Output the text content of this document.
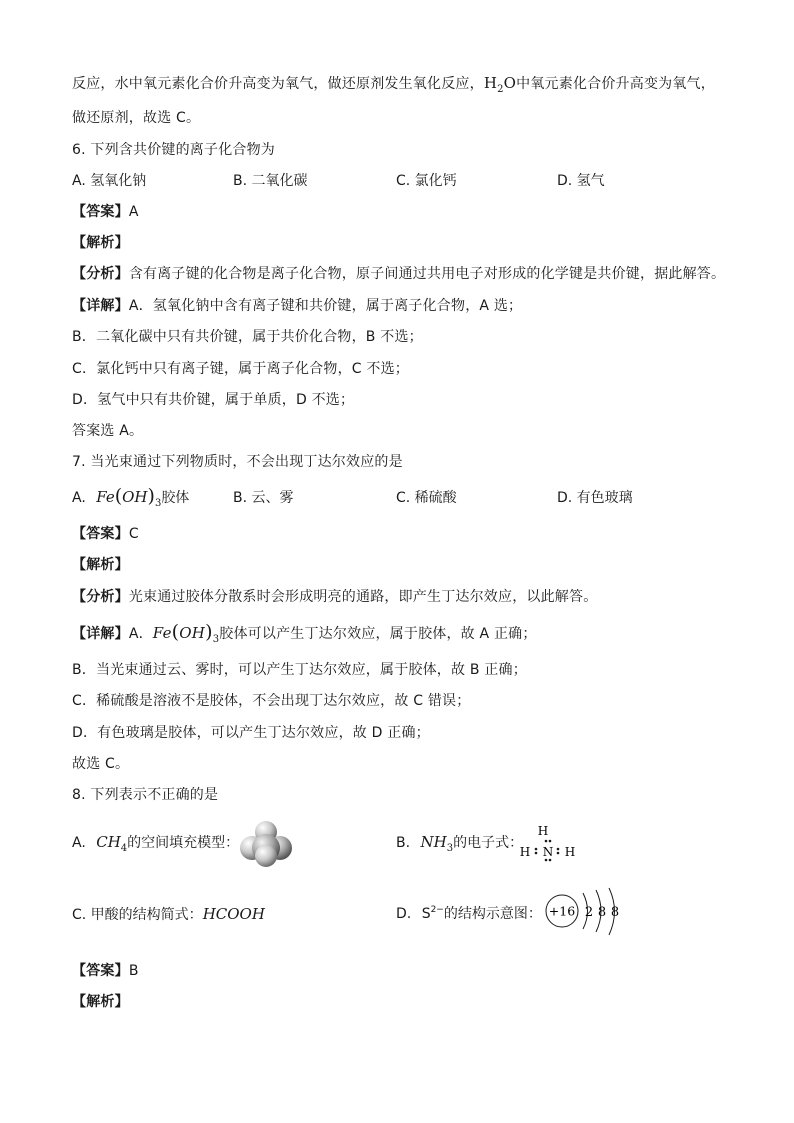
反应，水中氧元素化合价升高变为氧气，做还原剂发生氧化反应，$H_2O$中氧元素化合价升高变为氧气，
做还原剂，故选 C。
6. 下列含共价键的离子化合物为
A. 氢氧化钠	B. 二氧化碳	C. 氯化钙	D. 氢气
【答案】A
【解析】
【分析】含有离子键的化合物是离子化合物，原子间通过共用电子对形成的化学键是共价键，据此解答。
【详解】A．氢氧化钠中含有离子键和共价键，属于离子化合物，A 选；
B．二氧化碳中只有共价键，属于共价化合物，B 不选；
C．氯化钙中只有离子键，属于离子化合物，C 不选；
D．氢气中只有共价键，属于单质，D 不选；
答案选 A。
7. 当光束通过下列物质时，不会出现丁达尔效应的是
A. $Fe(OH)_3$胶体	B. 云、雾	C. 稀硫酸	D. 有色玻璃
【答案】C
【解析】
【分析】光束通过胶体分散系时会形成明亮的通路，即产生丁达尔效应，以此解答。
【详解】A．$Fe(OH)_3$胶体可以产生丁达尔效应，属于胶体，故 A 正确；
B．当光束通过云、雾时，可以产生丁达尔效应，属于胶体，故 B 正确；
C．稀硫酸是溶液不是胶体，不会出现丁达尔效应，故 C 错误；
D．有色玻璃是胶体，可以产生丁达尔效应，故 D 正确；
故选 C。
8. 下列表示不正确的是
A. $CH_4$的空间填充模型：	B. $NH_3$的电子式：
H
H N H
C. 甲酸的结构简式：HCOOH	D. $S^{2-}$的结构示意图： +16 2 8 8
【答案】B
【解析】
